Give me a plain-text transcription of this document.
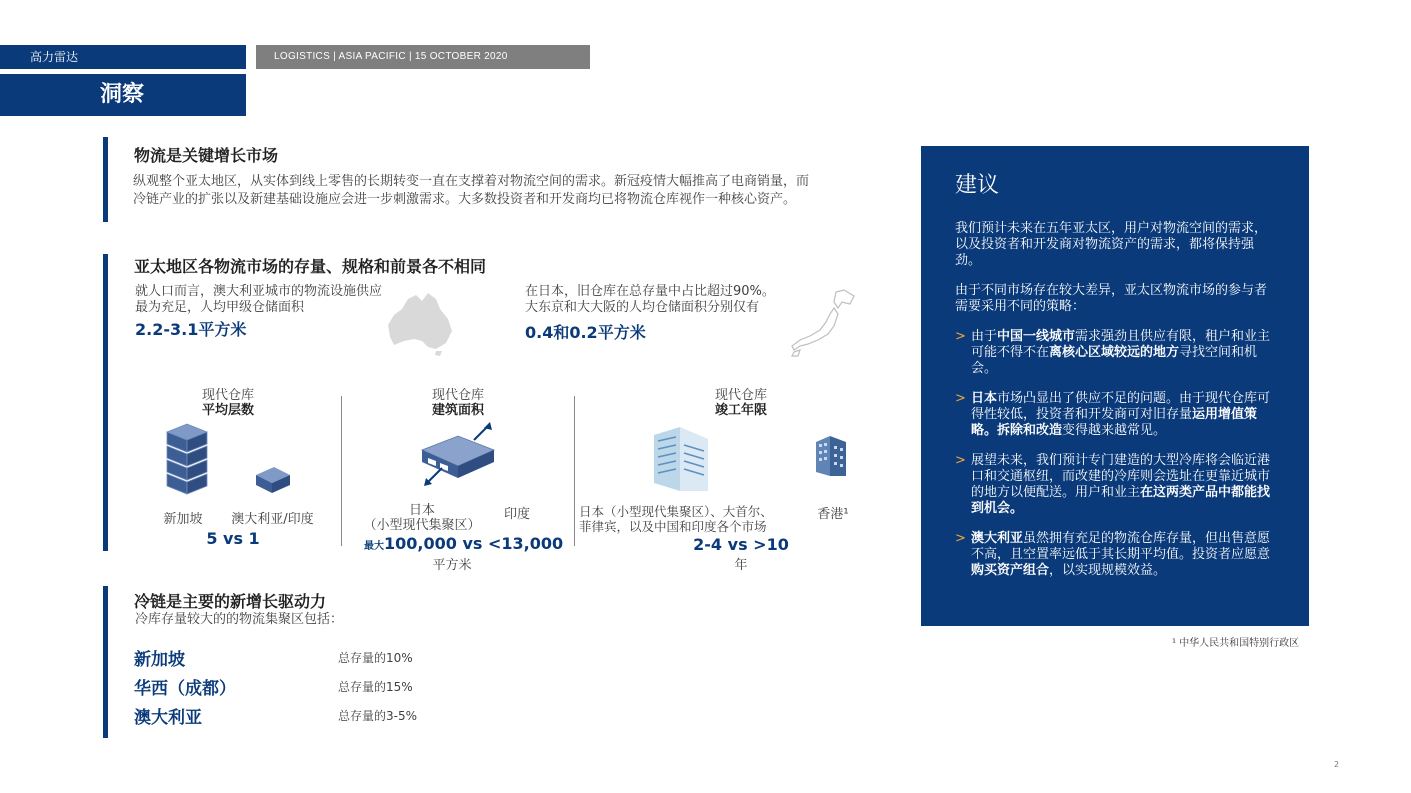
高力雷达	LOGISTICS | ASIA PACIFIC | 15 OCTOBER 2020
洞察
物流是关键增长市场
纵观整个亚太地区，从实体到线上零售的长期转变一直在支撑着对物流空间的需求。新冠疫情大幅推高了电商销量，而
冷链产业的扩张以及新建基础设施应会进一步刺激需求。大多数投资者和开发商均已将物流仓库视作一种核心资产。
亚太地区各物流市场的存量、规格和前景各不相同
就人口而言，澳大利亚城市的物流设施供应
最为充足，人均甲级仓储面积
2.2-3.1平方米
在日本，旧仓库在总存量中占比超过90%。
大东京和大大阪的人均仓储面积分别仅有
0.4和0.2平方米
现代仓库
平均层数
新加坡	澳大利亚/印度
5 vs 1
现代仓库
建筑面积
日本
（小型现代集聚区）
印度
最大100,000 vs <13,000
平方米
现代仓库
竣工年限
日本（小型现代集聚区）、大首尔、
菲律宾，以及中国和印度各个市场
香港¹
2-4 vs >10
年
冷链是主要的新增长驱动力
冷库存量较大的的物流集聚区包括：
新加坡	总存量的10%
华西（成都）	总存量的15%
澳大利亚	总存量的3-5%
建议
我们预计未来在五年亚太区，用户对物流空间的需求，以及投资者和开发商对物流资产的需求，都将保持强劲。
由于不同市场存在较大差异，亚太区物流市场的参与者需要采用不同的策略：
> 由于中国一线城市需求强劲且供应有限，租户和业主可能不得不在离核心区域较远的地方寻找空间和机会。
> 日本市场凸显出了供应不足的问题。由于现代仓库可得性较低，投资者和开发商可对旧存量运用增值策略。拆除和改造变得越来越常见。
> 展望未来，我们预计专门建造的大型冷库将会临近港口和交通枢纽，而改建的冷库则会选址在更靠近城市的地方以便配送。用户和业主在这两类产品中都能找到机会。
> 澳大利亚虽然拥有充足的物流仓库存量，但出售意愿不高，且空置率远低于其长期平均值。投资者应愿意购买资产组合，以实现规模效益。
¹ 中华人民共和国特别行政区
2
